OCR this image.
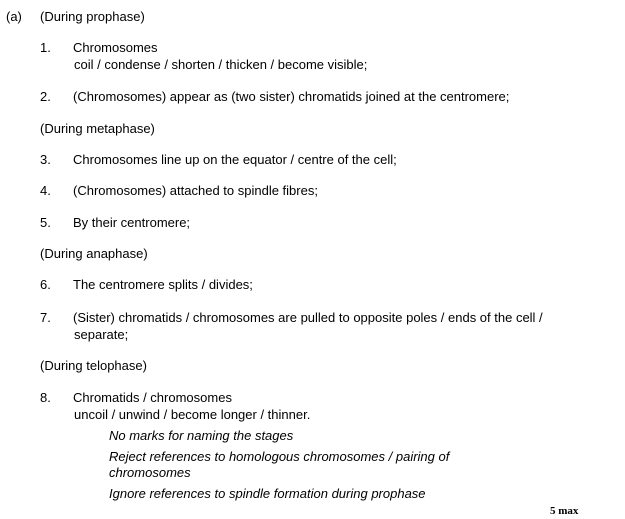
(a) (During prophase)
1. Chromosomes
coil / condense / shorten / thicken / become visible;
2. (Chromosomes) appear as (two sister) chromatids joined at the centromere;
(During metaphase)
3. Chromosomes line up on the equator / centre of the cell;
4. (Chromosomes) attached to spindle fibres;
5. By their centromere;
(During anaphase)
6. The centromere splits / divides;
7. (Sister) chromatids / chromosomes are pulled to opposite poles / ends of the cell /
separate;
(During telophase)
8. Chromatids / chromosomes
uncoil / unwind / become longer / thinner.
No marks for naming the stages
Reject references to homologous chromosomes / pairing of
chromosomes
Ignore references to spindle formation during prophase
5 max
